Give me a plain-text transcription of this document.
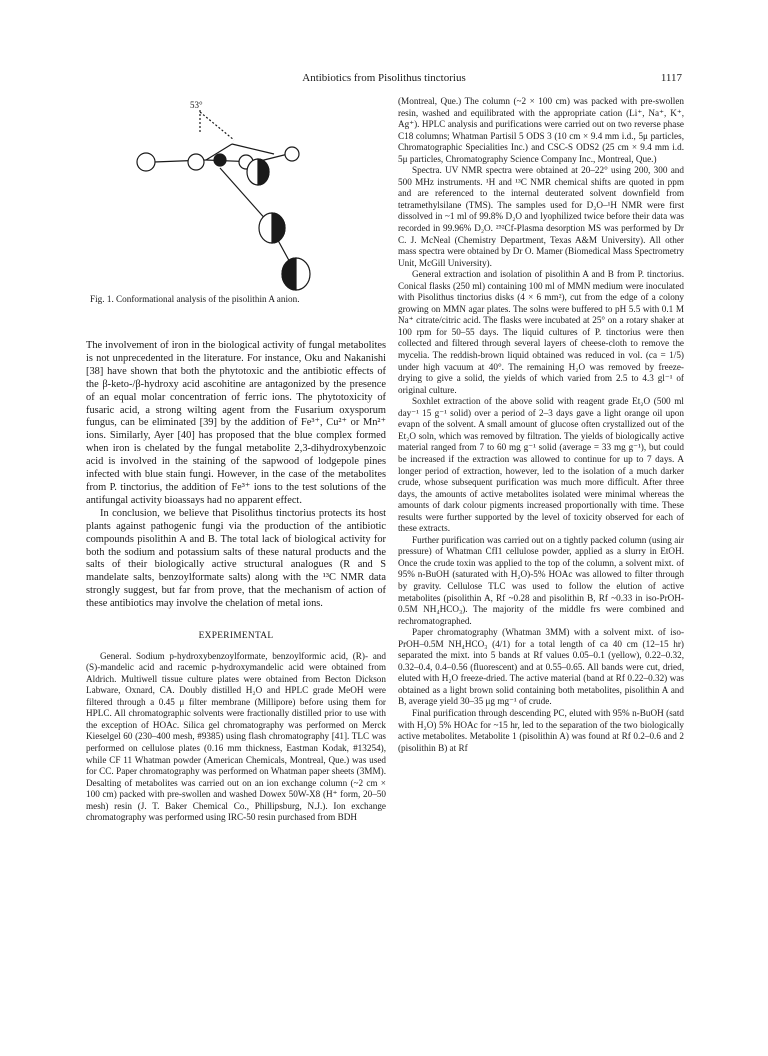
Antibiotics from Pisolithus tinctorius	1117
53°
Fig. 1. Conformational analysis of the pisolithin A anion.

The involvement of iron in the biological activity of fungal metabolites is not unprecedented in the literature. For instance, Oku and Nakanishi [38] have shown that both the phytotoxic and the antibiotic effects of the β-keto-/β-hydroxy acid ascohitine are antagonized by the presence of an equal molar concentration of ferric ions. The phytotoxicity of fusaric acid, a strong wilting agent from the Fusarium oxysporum fungus, can be eliminated [39] by the addition of Fe³⁺, Cu²⁺ or Mn²⁺ ions. Similarly, Ayer [40] has proposed that the blue complex formed when iron is chelated by the fungal metabolite 2,3-dihydroxybenzoic acid is involved in the staining of the sapwood of lodgepole pines infected with blue stain fungi. However, in the case of the metabolites from P. tinctorius, the addition of Fe³⁺ ions to the test solutions of the antifungal activity bioassays had no apparent effect.

In conclusion, we believe that Pisolithus tinctorius protects its host plants against pathogenic fungi via the production of the antibiotic compounds pisolithin A and B. The total lack of biological activity for both the sodium and potassium salts of these natural products and the salts of their biologically active structural analogues (R and S mandelate salts, benzoylformate salts) along with the ¹³C NMR data strongly suggest, but far from prove, that the mechanism of action of these antibiotics may involve the chelation of metal ions.

EXPERIMENTAL

General. Sodium p-hydroxybenzoylformate, benzoylformic acid, (R)- and (S)-mandelic acid and racemic p-hydroxymandelic acid were obtained from Aldrich. Multiwell tissue culture plates were obtained from Becton Dickson Labware, Oxnard, CA. Doubly distilled H₂O and HPLC grade MeOH were filtered through a 0.45 μ filter membrane (Millipore) before using them for HPLC. All chromatographic solvents were fractionally distilled prior to use with the exception of HOAc. Silica gel chromatography was performed on Merck Kieselgel 60 (230–400 mesh, #9385) using flash chromatography [41]. TLC was performed on cellulose plates (0.16 mm thickness, Eastman Kodak, #13254), while CF 11 Whatman powder (American Chemicals, Montreal, Que.) was used for CC. Paper chromatography was performed on Whatman paper sheets (3MM). Desalting of metabolites was carried out on an ion exchange column (~2 cm × 100 cm) packed with pre-swollen and washed Dowex 50W-X8 (H⁺ form, 20–50 mesh) resin (J. T. Baker Chemical Co., Phillipsburg, N.J.). Ion exchange chromatography was performed using IRC-50 resin purchased from BDH

(Montreal, Que.) The column (~2 × 100 cm) was packed with pre-swollen resin, washed and equilibrated with the appropriate cation (Li⁺, Na⁺, K⁺, Ag⁺). HPLC analysis and purifications were carried out on two reverse phase C18 columns; Whatman Partisil 5 ODS 3 (10 cm × 9.4 mm i.d., 5μ particles, Chromatographic Specialities Inc.) and CSC-S ODS2 (25 cm × 9.4 mm i.d. 5μ particles, Chromatography Science Company Inc., Montreal, Que.)

Spectra. UV NMR spectra were obtained at 20–22° using 200, 300 and 500 MHz instruments. ¹H and ¹³C NMR chemical shifts are quoted in ppm and are referenced to the internal deuterated solvent downfield from tetramethylsilane (TMS). The samples used for D₂O–¹H NMR were first dissolved in ~1 ml of 99.8% D₂O and lyophilized twice before their data was recorded in 99.96% D₂O. ²⁵²Cf-Plasma desorption MS was performed by Dr C. J. McNeal (Chemistry Department, Texas A&M University). All other mass spectra were obtained by Dr O. Mamer (Biomedical Mass Spectrometry Unit, McGill University).

General extraction and isolation of pisolithin A and B from P. tinctorius. Conical flasks (250 ml) containing 100 ml of MMN medium were inoculated with Pisolithus tinctorius disks (4 × 6 mm²), cut from the edge of a colony growing on MMN agar plates. The solns were buffered to pH 5.5 with 0.1 M Na⁺ citrate/citric acid. The flasks were incubated at 25° on a rotary shaker at 100 rpm for 50–55 days. The liquid cultures of P. tinctorius were then collected and filtered through several layers of cheese-cloth to remove the mycelia. The reddish-brown liquid obtained was reduced in vol. (ca = 1/5) under high vacuum at 40°. The remaining H₂O was removed by freeze-drying to give a solid, the yields of which varied from 2.5 to 4.3 gl⁻¹ of original culture.

Soxhlet extraction of the above solid with reagent grade Et₂O (500 ml day⁻¹ 15 g⁻¹ solid) over a period of 2–3 days gave a light orange oil upon evapn of the solvent. A small amount of glucose often crystallized out of the Et₂O soln, which was removed by filtration. The yields of biologically active material ranged from 7 to 60 mg g⁻¹ solid (average = 33 mg g⁻¹), but could be increased if the extraction was allowed to continue for up to 7 days. A longer period of extraction, however, led to the isolation of a much darker crude, whose subsequent purification was much more difficult. After three days, the amounts of active metabolites isolated were minimal whereas the amounts of dark colour pigments increased proportionally with time. These results were further supported by the level of toxicity observed for each of these extracts.

Further purification was carried out on a tightly packed column (using air pressure) of Whatman CfI1 cellulose powder, applied as a slurry in EtOH. Once the crude toxin was applied to the top of the column, a solvent mixt. of 95% n-BuOH (saturated with H₂O)-5% HOAc was allowed to filter through by gravity. Cellulose TLC was used to follow the elution of active metabolites (pisolithin A, Rf ~0.28 and pisolithin B, Rf ~0.33 in iso-PrOH-0.5M NH₄HCO₃). The majority of the middle frs were combined and rechromatographed.

Paper chromatography (Whatman 3MM) with a solvent mixt. of iso-PrOH–0.5M NH₄HCO₃ (4/1) for a total length of ca 40 cm (12–15 hr) separated the mixt. into 5 bands at Rf values 0.05–0.1 (yellow), 0.22–0.32, 0.32–0.4, 0.4–0.56 (fluorescent) and at 0.55–0.65. All bands were cut, dried, eluted with H₂O freeze-dried. The active material (band at Rf 0.22–0.32) was obtained as a light brown solid containing both metabolites, pisolithin A and B, average yield 30–35 μg mg⁻¹ of crude.

Final purification through descending PC, eluted with 95% n-BuOH (satd with H₂O) 5% HOAc for ~15 hr, led to the separation of the two biologically active metabolites. Metabolite 1 (pisolithin A) was found at Rf 0.2–0.6 and 2 (pisolithin B) at Rf
